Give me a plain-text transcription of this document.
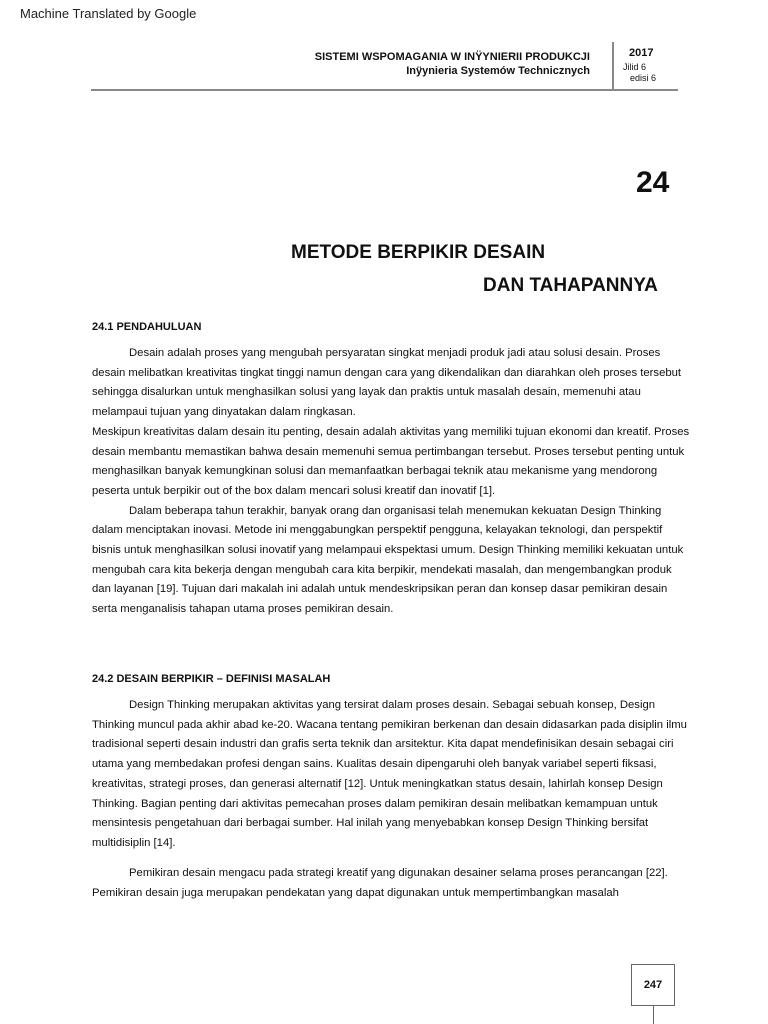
Machine Translated by Google
SISTEMI WSPOMAGANIA W INŸYNIERII PRODUKCJI
Inÿynieria Systemów Technicznych
2017
Jilid 6
edisi 6
24
METODE BERPIKIR DESAIN
DAN TAHAPANNYA
24.1 PENDAHULUAN

Desain adalah proses yang mengubah persyaratan singkat menjadi produk jadi atau solusi desain. Proses desain melibatkan kreativitas tingkat tinggi namun dengan cara yang dikendalikan dan diarahkan oleh proses tersebut sehingga disalurkan untuk menghasilkan solusi yang layak dan praktis untuk masalah desain, memenuhi atau melampaui tujuan yang dinyatakan dalam ringkasan.

Meskipun kreativitas dalam desain itu penting, desain adalah aktivitas yang memiliki tujuan ekonomi dan kreatif. Proses desain membantu memastikan bahwa desain memenuhi semua pertimbangan tersebut. Proses tersebut penting untuk menghasilkan banyak kemungkinan solusi dan memanfaatkan berbagai teknik atau mekanisme yang mendorong peserta untuk berpikir out of the box dalam mencari solusi kreatif dan inovatif [1].

Dalam beberapa tahun terakhir, banyak orang dan organisasi telah menemukan kekuatan Design Thinking dalam menciptakan inovasi. Metode ini menggabungkan perspektif pengguna, kelayakan teknologi, dan perspektif bisnis untuk menghasilkan solusi inovatif yang melampaui ekspektasi umum. Design Thinking memiliki kekuatan untuk mengubah cara kita bekerja dengan mengubah cara kita berpikir, mendekati masalah, dan mengembangkan produk dan layanan [19]. Tujuan dari makalah ini adalah untuk mendeskripsikan peran dan konsep dasar pemikiran desain serta menganalisis tahapan utama proses pemikiran desain.

24.2 DESAIN BERPIKIR – DEFINISI MASALAH

Design Thinking merupakan aktivitas yang tersirat dalam proses desain. Sebagai sebuah konsep, Design Thinking muncul pada akhir abad ke-20. Wacana tentang pemikiran berkenan dan desain didasarkan pada disiplin ilmu tradisional seperti desain industri dan grafis serta teknik dan arsitektur. Kita dapat mendefinisikan desain sebagai ciri utama yang membedakan profesi dengan sains. Kualitas desain dipengaruhi oleh banyak variabel seperti fiksasi, kreativitas, strategi proses, dan generasi alternatif [12]. Untuk meningkatkan status desain, lahirlah konsep Design Thinking. Bagian penting dari aktivitas pemecahan proses dalam pemikiran desain melibatkan kemampuan untuk mensintesis pengetahuan dari berbagai sumber. Hal inilah yang menyebabkan konsep Design Thinking bersifat multidisiplin [14].

Pemikiran desain mengacu pada strategi kreatif yang digunakan desainer selama proses perancangan [22]. Pemikiran desain juga merupakan pendekatan yang dapat digunakan untuk mempertimbangkan masalah

247
